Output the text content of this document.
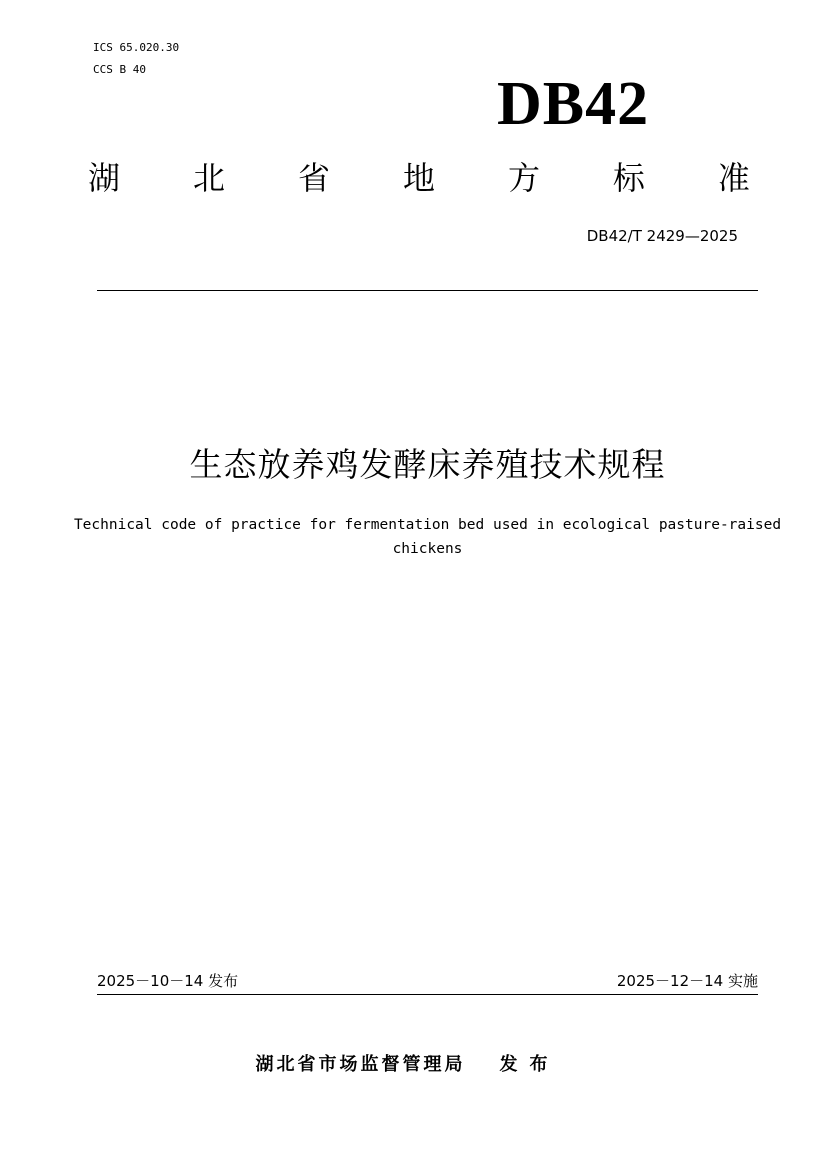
ICS 65.020.30
CCS B 40
DB42
湖 北 省 地 方 标 准
DB42/T 2429—2025
生态放养鸡发酵床养殖技术规程
Technical code of practice for fermentation bed used in ecological pasture-raised chickens
2025－10－14 发布	2025－12－14 实施
湖北省市场监督管理局 发布
